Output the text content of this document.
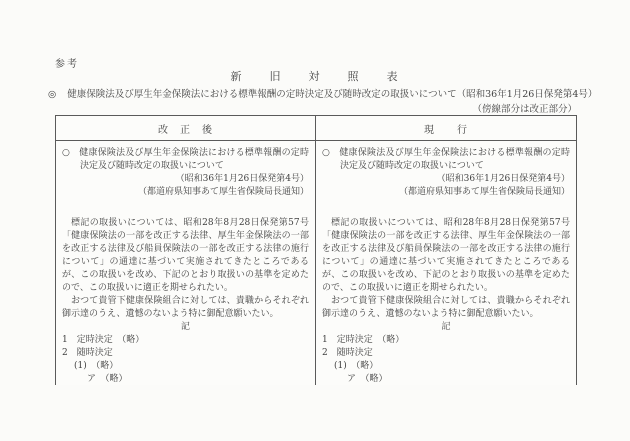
参考
新　　旧　　対　　照　　表
◎ 健康保険法及び厚生年金保険法における標準報酬の定時決定及び随時改定の取扱いについて（昭和36年1月26日保発第4号）
（傍線部分は改正部分）
改　正　後
○　健康保険法及び厚生年金保険法における標準報酬の定時決定及び随時改定の取扱いについて
（昭和36年1月26日保発第4号）
（都道府県知事あて厚生省保険局長通知）
標記の取扱いについては、昭和28年8月28日保発第57号「健康保険法の一部を改正する法律、厚生年金保険法の一部を改正する法律及び船員保険法の一部を改正する法律の施行について」の通達に基づいて実施されてきたところであるが、この取扱いを改め、下記のとおり取扱いの基準を定めたので、この取扱いに適正を期せられたい。
おつて貴管下健康保険組合に対しては、貴職からそれぞれ御示達のうえ、遺憾のないよう特に御配意願いたい。
記
1　定時決定　（略）
2　随時決定
(1)　（略）
ア　（略）
現　　行
○　健康保険法及び厚生年金保険法における標準報酬の定時決定及び随時改定の取扱いについて
（昭和36年1月26日保発第4号）
（都道府県知事あて厚生省保険局長通知）
標記の取扱いについては、昭和28年8月28日保発第57号「健康保険法の一部を改正する法律、厚生年金保険法の一部を改正する法律及び船員保険法の一部を改正する法律の施行について」の通達に基づいて実施されてきたところであるが、この取扱いを改め、下記のとおり取扱いの基準を定めたので、この取扱いに適正を期せられたい。
おつて貴管下健康保険組合に対しては、貴職からそれぞれ御示達のうえ、遺憾のないよう特に御配意願いたい。
記
1　定時決定　（略）
2　随時決定
(1)　（略）
ア　（略）
